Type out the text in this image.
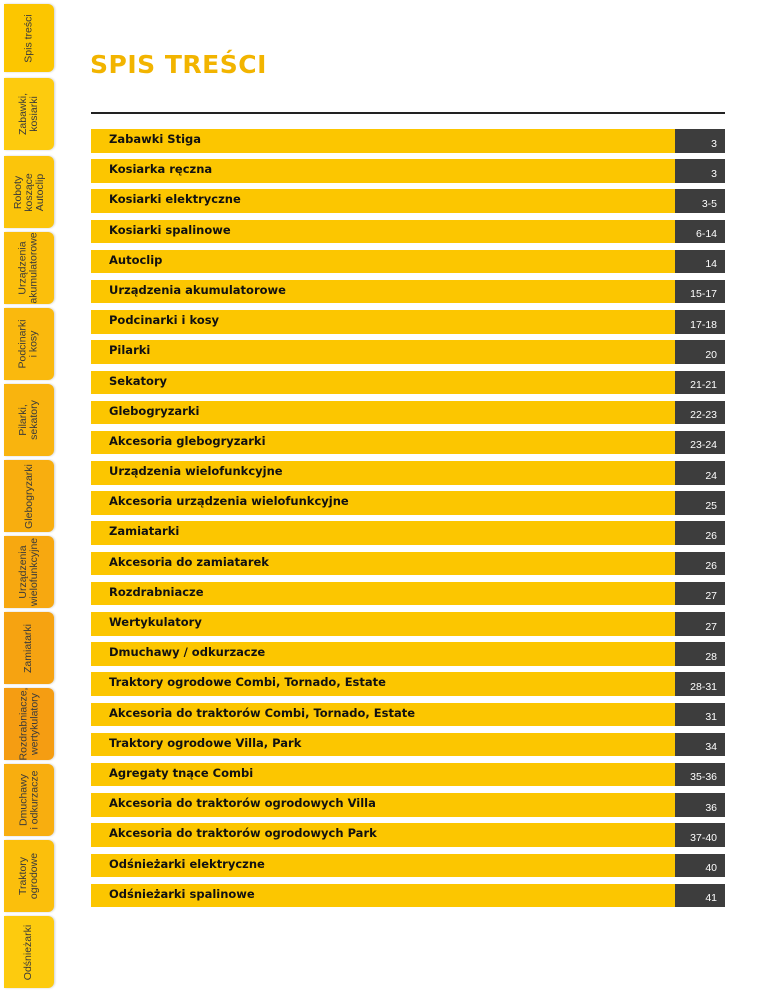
Spis treści
Zabawki,
kosiarki
Roboty
koszące
Autoclip
Urządzenia
akumulatorowe
Podcinarki
i kosy
Pilarki,
sekatory
Glebogryzarki
Urządzenia
wielofunkcyjne
Zamiatarki
Rozdrabniacze,
wertykulatory
Dmuchawy
i odkurzacze
Traktory
ogrodowe
Odśnieżarki
SPIS TREŚCI
Zabawki Stiga	3
Kosiarka ręczna	3
Kosiarki elektryczne	3-5
Kosiarki spalinowe	6-14
Autoclip	14
Urządzenia akumulatorowe	15-17
Podcinarki i kosy	17-18
Pilarki	20
Sekatory	21-21
Glebogryzarki	22-23
Akcesoria glebogryzarki	23-24
Urządzenia wielofunkcyjne	24
Akcesoria urządzenia wielofunkcyjne	25
Zamiatarki	26
Akcesoria do zamiatarek	26
Rozdrabniacze	27
Wertykulatory	27
Dmuchawy / odkurzacze	28
Traktory ogrodowe Combi, Tornado, Estate	28-31
Akcesoria do traktorów Combi, Tornado, Estate	31
Traktory ogrodowe Villa, Park	34
Agregaty tnące Combi	35-36
Akcesoria do traktorów ogrodowych Villa	36
Akcesoria do traktorów ogrodowych Park	37-40
Odśnieżarki elektryczne	40
Odśnieżarki spalinowe	41
